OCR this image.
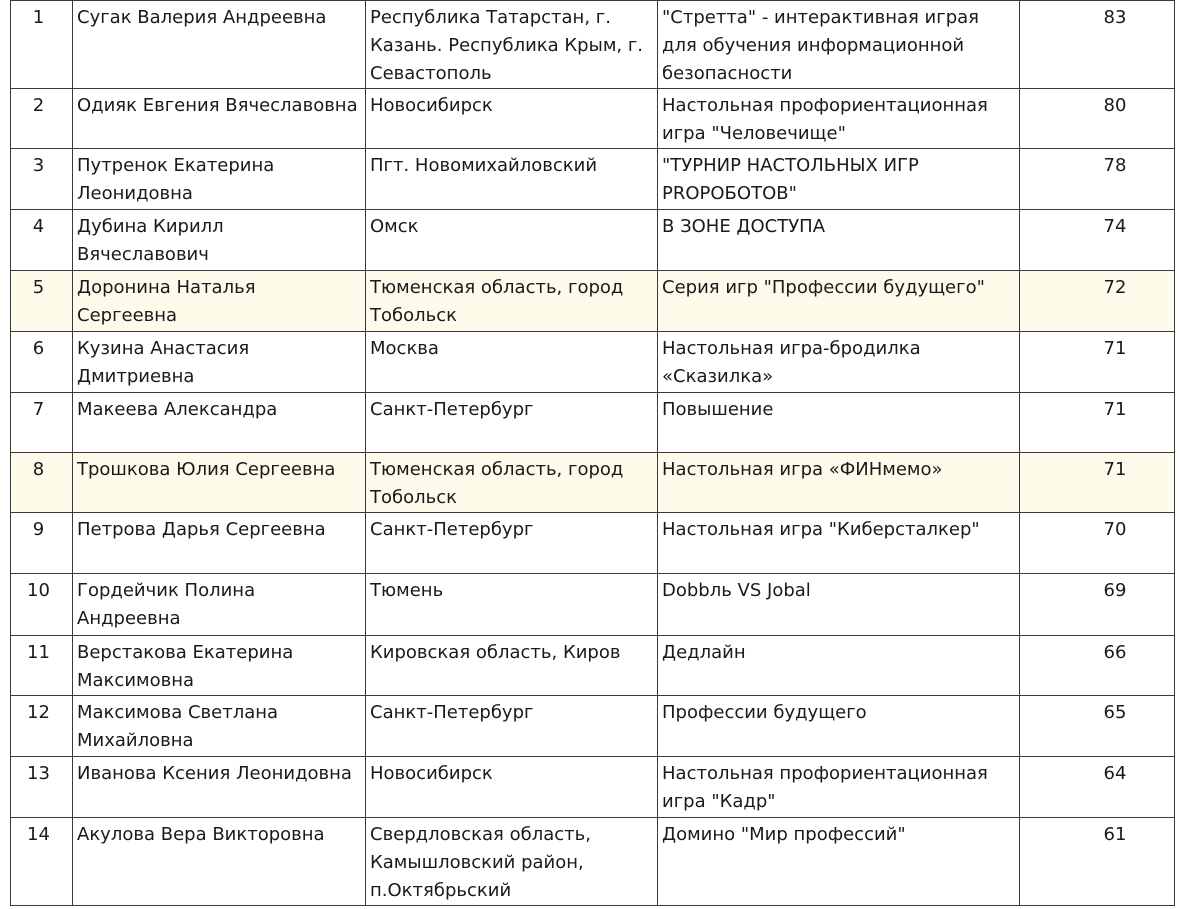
1	Сугак Валерия Андреевна	Республика Татарстан, г. Казань. Республика Крым, г. Севастополь	"Стретта" - интерактивная играя для обучения информационной безопасности	83
2	Одияк Евгения Вячеславовна	Новосибирск	Настольная профориентационная игра "Человечище"	80
3	Путренок Екатерина Леонидовна	Пгт. Новомихайловский	"ТУРНИР НАСТОЛЬНЫХ ИГР PROРОБОТОВ"	78
4	Дубина Кирилл Вячеславович	Омск	В ЗОНЕ ДОСТУПА	74
5	Доронина Наталья Сергеевна	Тюменская область, город Тобольск	Серия игр "Профессии будущего"	72
6	Кузина Анастасия Дмитриевна	Москва	Настольная игра-бродилка «Сказилка»	71
7	Макеева Александра	Санкт-Петербург	Повышение	71
8	Трошкова Юлия Сергеевна	Тюменская область, город Тобольск	Настольная игра «ФИНмемо»	71
9	Петрова Дарья Сергеевна	Санкт-Петербург	Настольная игра "Киберсталкер"	70
10	Гордейчик Полина Андреевна	Тюмень	Dobbль VS Jobal	69
11	Верстакова Екатерина Максимовна	Кировская область, Киров	Дедлайн	66
12	Максимова Светлана Михайловна	Санкт-Петербург	Профессии будущего	65
13	Иванова Ксения Леонидовна	Новосибирск	Настольная профориентационная игра "Кадр"	64
14	Акулова Вера Викторовна	Свердловская область, Камышловский район, п.Октябрьский	Домино "Мир профессий"	61
